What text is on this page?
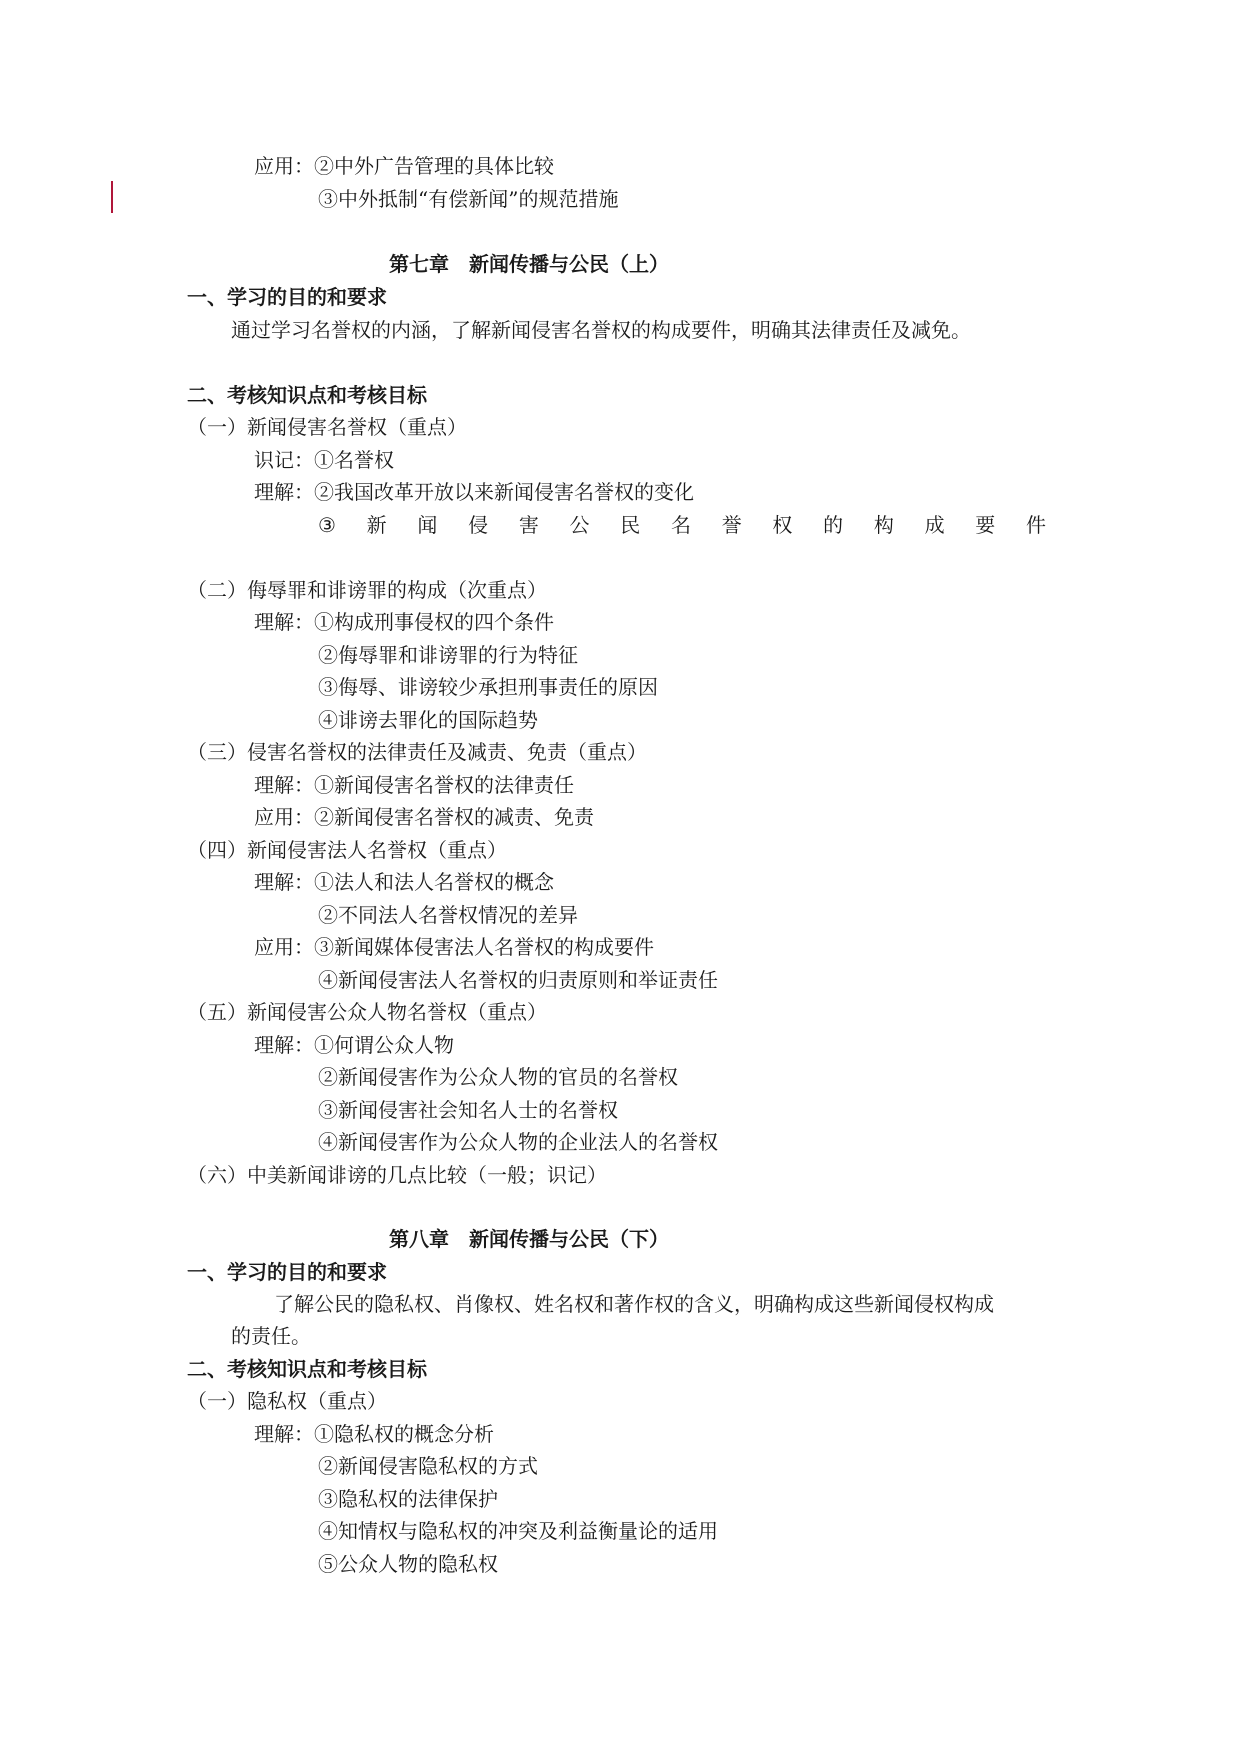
应用：②中外广告管理的具体比较
③中外抵制“有偿新闻”的规范措施
第七章　新闻传播与公民（上）
一、学习的目的和要求
通过学习名誉权的内涵，了解新闻侵害名誉权的构成要件，明确其法律责任及减免。
二、考核知识点和考核目标
（一）新闻侵害名誉权（重点）
识记：①名誉权
理解：②我国改革开放以来新闻侵害名誉权的变化
③ 新 闻 侵 害 公 民 名 誉 权 的 构 成 要 件
（二）侮辱罪和诽谤罪的构成（次重点）
理解：①构成刑事侵权的四个条件
②侮辱罪和诽谤罪的行为特征
③侮辱、诽谤较少承担刑事责任的原因
④诽谤去罪化的国际趋势
（三）侵害名誉权的法律责任及减责、免责（重点）
理解：①新闻侵害名誉权的法律责任
应用：②新闻侵害名誉权的减责、免责
（四）新闻侵害法人名誉权（重点）
理解：①法人和法人名誉权的概念
②不同法人名誉权情况的差异
应用：③新闻媒体侵害法人名誉权的构成要件
④新闻侵害法人名誉权的归责原则和举证责任
（五）新闻侵害公众人物名誉权（重点）
理解：①何谓公众人物
②新闻侵害作为公众人物的官员的名誉权
③新闻侵害社会知名人士的名誉权
④新闻侵害作为公众人物的企业法人的名誉权
（六）中美新闻诽谤的几点比较（一般；识记）
第八章　新闻传播与公民（下）
一、学习的目的和要求
了解公民的隐私权、肖像权、姓名权和著作权的含义，明确构成这些新闻侵权构成
的责任。
二、考核知识点和考核目标
（一）隐私权（重点）
理解：①隐私权的概念分析
②新闻侵害隐私权的方式
③隐私权的法律保护
④知情权与隐私权的冲突及利益衡量论的适用
⑤公众人物的隐私权
